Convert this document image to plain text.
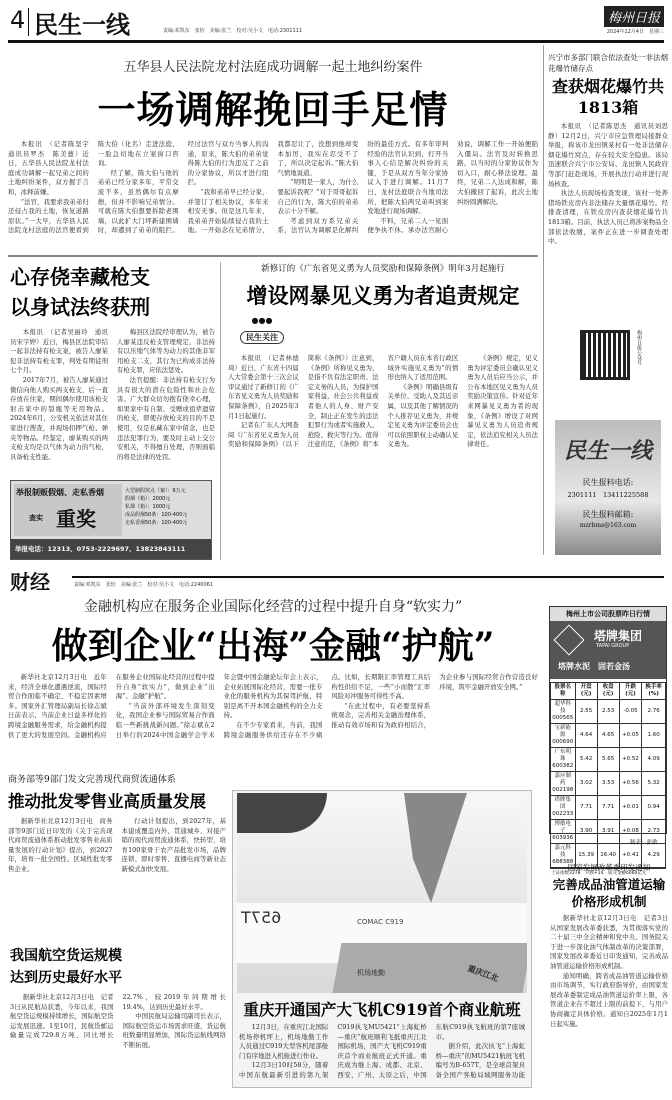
4 民生一线	责编:邓凯东　张怡　美编:张兰　校对:吴小文　电话:2301111
梅州日报
2024年12月4日　星期三
五华县人民法院龙村法庭成功调解一起土地纠纷案件
一场调解挽回手足情

本报讯　（记者陈坚宇　通讯员罗杰　陈美薏）近日，五华县人民法院龙村法庭成功调解一起兄弟之间的土地纠纷案件，双方握手言和，冰释前嫌。

“法官，我要求我弟弟归还侵占我的土地，恢复道路原状。”一大早，五华县人民法院龙村法庭的法官便看到陈大伯（化名）走进法庭，一脸急切地在立案窗口咨询。

经了解，陈大伯与他的弟弟已经分家多年，平常交流不多，虽然偶尔有点摩擦，但并不影响兄弟情分。可就在陈大伯想要拆除老围墙，以此扩大门坪新建围墙时，却遭到了弟弟的阻拦。经过法官与双方当事人的沟通，原来，陈大伯的弟弟觉得陈大伯的行为违反了之前的分家协议，所以才进行阻拦。

“我和弟弟早已经分家，并签订了相关协议，多年来相安无事。但是这几年来，我弟弟开始陆续侵占我的土地。一开始念在兄弟情分，我都忍让了，没想到他却变本加厉，我实在忍受不了了，所以决定起诉。”陈大伯气愤地说道。

“明明是一家人，为什么要起诉我呢？”对于哥哥起诉自己的行为，陈大伯的弟弟表示十分不解。

考虑到双方系兄弟关系，法官认为调解是化解纠纷的最佳方式。有多年审判经验的法官认识到，打开当事人心结是解决纠纷的关键，于是从双方当年分家协议入手进行调解。11月7日，龙村法庭联合当地司法所，把陈大伯两兄弟叫到案发地进行现场调解。

不料，兄弟二人一见面便争执不休。承办法官耐心劝说，调解工作一开始便陷入僵局。法官及时转换思路，以当时的分家协议作为切入口，耐心释法说理。最终，兄弟二人达成和解，陈大伯撤回了起诉，此次土地纠纷圆满解决。

兴宁市多部门联合依法查处一非法烟花爆竹储存点
查获烟花爆竹共1813箱

本报讯　（记者陈思杰　通讯员刘思静）12月2日，兴宁市应急管理局接群众举报，称该市龙田镇某村有一处非法储存烟花爆竹窝点，存在较大安全隐患。该局迅速联合兴宁市公安局、龙田镇人民政府等部门赶赴现场，开展执法行动并进行现场核查。

执法人员现场检查发现，该村一处养猪场铁皮房内非法储存大量烟花爆竹。经排查清理，在铁皮房内查获烟花爆竹共1813箱。目前，执法人员已将涉案物品全部依法收缴，案件正在进一步调查处理中。

梅州日报公众号
民生一线
民生报料电话:
2301111　13411225588
民生报料邮箱:
mzrbms@163.com
心存侥幸藏枪支
以身试法终获刑

本报讯　（记者吴丽玲　通讯员宋字婷）近日，梅县区法院审结一起非法持有枪支案，被告人廖某犯非法持有枪支罪，判处有期徒刑七个月。

2017年7月，被告人廖某通过微信向他人购买两支枪支，后一直存放在住家，期间偶尔使用该枪支射击家中的裂瓶等无用物品。2024年6月，公安机关依法对其住家进行搜查，并现场扣押气枪、弹夹等物品。经鉴定，廖某购买的两支枪支均是以气体为动力的气枪，具备枪支性能。

梅县区法院经审理认为，被告人廖某违反枪支管理规定，非法持有以压缩气体等为动力的其他非军用枪支二支，其行为已构成非法持有枪支罪，应依法惩处。

法官提醒：非法持有枪支行为具有很大的潜在危险性和社会危害。广大群众切勿抱有侥幸心理，如果家中有自制、受赠或祖辈遗留的枪支，即使存放枪支的目的不是使用，仅是私藏在家中留念，也是违法犯罪行为，要及时主动上交公安机关，不得擅自处理，否则面临的将是法律的处罚。

举报制贩假烟、走私香烟
查实 重奖
大型制假窝点（案）：6万元
假烟（箱）：2000元
私烟（箱）：1000元
成品假烟50条：100-400元
走私香烟50条：100-400元
举报电话：12313、0753-2229697、13823843111
新修订的《广东省见义勇为人员奖励和保障条例》明年3月起施行
增设网暴见义勇为者追责规定
●●●
民生关注

本报讯　（记者林德琦）近日，广东省十四届人大常委会第十三次会议审议通过了新修订的《广东省见义勇为人员奖励和保障条例》，自2025年3月1日起施行。

记者在广东人大网查阅《广东省见义勇为人员奖励和保障条例》（以下简称《条例》）注意到，《条例》所称见义勇为，是指不负有法定职责、法定义务的人员，为保护国家利益、社会公共利益或者他人的人身、财产安全，制止正在发生的违法犯罪行为或者实施救人、抢险、救灾等行为。值得注意的是，《条例》将“本省户籍人员在本省行政区域外实施见义勇为”的情形也纳入了适用范围。

《条例》明确县级有关单位、受助人及其近亲属，以及其他了解情况的个人推荐见义勇为，并规定见义勇为评定委员会也可以依照职权主动确认见义勇为。

《条例》规定，见义勇为评定委员会确认见义勇为人员后应当公示，并公布本地区见义勇为人员奖励决策宣传。针对近年来网暴见义勇为者的现象，《条例》增设了对网暴见义勇为人员追责规定，依法追究相关人员法律责任。

财经	责编:邓凯东　张怡　美编:张兰　校对:吴小文　电话:2240061
金融机构应在服务企业国际化经营的过程中提升自身“软实力”
做到企业“出海”金融“护航”

新华社北京12月3日电　近年来，经济全球化遭遇逆流，国际经贸合作面临不确定、不稳定因素增多。国家外汇管理局副局长徐志斌日前表示，当前企业日益多样化的跨境金融服务需求，给金融机构提供了更大的发展空间。金融机构应在服务企业国际化经营的过程中提升自身“软实力”，做到企业“出海”、金融“护航”。

“当前外部环境发生深刻变化，我国企业参与国际贸易合作面临一些新挑战新问题。”徐志斌在2日举行的2024中国金融学会学术年会暨中国金融论坛年会上表示，企业拓展国际化经营，需要一批专业化的服务机构为其保驾护航，特别是离不开本国金融机构的全力支持。

在不少专家看来，当前，我国跨境金融服务供给还存在不少痛点。比如，长期限汇率管理工具结构性供给不足，一些“小而散”汇率风险对冲服务可得性不高。

“在此过程中，有必要坚持系统观念，完善相关金融治理体系，推动有效市场和有为政府相结合，为企业参与国际经贸合作营造良好环境，筑牢金融开放安全网。”

梅州上市公司股票昨日行情
塔牌集团
TAPAI GROUP
塔牌水泥　固若金汤
股票名称	开盘(元)	收盘(元)	升跌(元)	换手率(%)

超华科技
000565	2.55	2.53	-0.05	2.76

宝新能源
000690	4.64	4.65	+0.05	1.60

广东明珠
600382	5.42	5.65	+0.52	4.09

嘉应制药
002198	3.02	3.53	+0.56	5.32

塔牌集团
002233	7.71	7.71	+0.01	0.94

博敏电子
603936	3.90	3.91	+0.08	2.73

嘉元科技
688388	15.39	16.40	+0.41	4.29
上证指数3378　升跌+14　成交金额6060亿元
制表：张敏
商务部等9部门发文完善现代商贸流通体系
推动批发零售业高质量发展

据新华社北京12月3日电　商务部等9部门近日印发的《关于完善现代商贸流通体系推动批发零售业高质量发展的行动计划》提出，到2027年，培育一批全国性、区域性批发零售企业。

行动计划提出，到2027年，基本建成覆盖内外、贯通城乡、对接产销的现代商贸流通体系，快转型，培育100家骨干农产品批发市场，品牌连锁、即时零售、直播电商等新业态新模式加快发展。

我国航空货运规模
达到历史最好水平

据新华社北京12月3日电　记者3日从民航局获悉，今年以来，我国航空货运规模持续增长，国际航空货运发展迅速。1至10月，民航货邮运输量完成729.8万吨，同比增长22.7%，较2019年同期增长19.4%，达到历史最好水平。

中国民航局运输司副司长表示，国际航空货运市场需求旺盛，货运航班数量明显增加，国际货运航线网络不断拓展。

657T	COMAC C919
机场地勤	重庆江北
重庆开通国产大飞机C919首个商业航班

12月3日，在重庆江北国际机场停机坪上，机场地勤工作人员通过C919大型客机尾部舱门有序地进入机舱进行作业。

12月3日10时58分，随着中国东航最新引进的第九架C919执飞MU5421“上海虹桥—重庆”航班顺利飞抵重庆江北国际机场，国产大飞机C919重庆首个商业航班正式开通。重庆成为继上海、成都、北京、西安、广州、太原之后，中国东航C919执飞航班的第7座城市。

据介绍，此次执飞“上海虹桥—重庆”的MU5421航班飞机编号为B-657T，是全球首架具备全国产客舱局域网服务功能　

国家发展改革委印发通知
完善成品油管道运输价格形成机制

据新华社北京12月3日电　记者3日从国家发展改革委获悉，为贯彻落实党的二十届三中全会精神和党中央、国务院关于进一步深化油气体制改革的决策部署，国家发展改革委近日印发通知，完善成品油管道运输价格形成机制。

通知明确，跨省成品油管道运输价格由市场调节，实行政府指导价，由国家发展改革委制定成品油管道运价率上限，各管道企业在不超过上限的前提下，与用户协商确定具体价格。通知自2025年1月1日起实施。
